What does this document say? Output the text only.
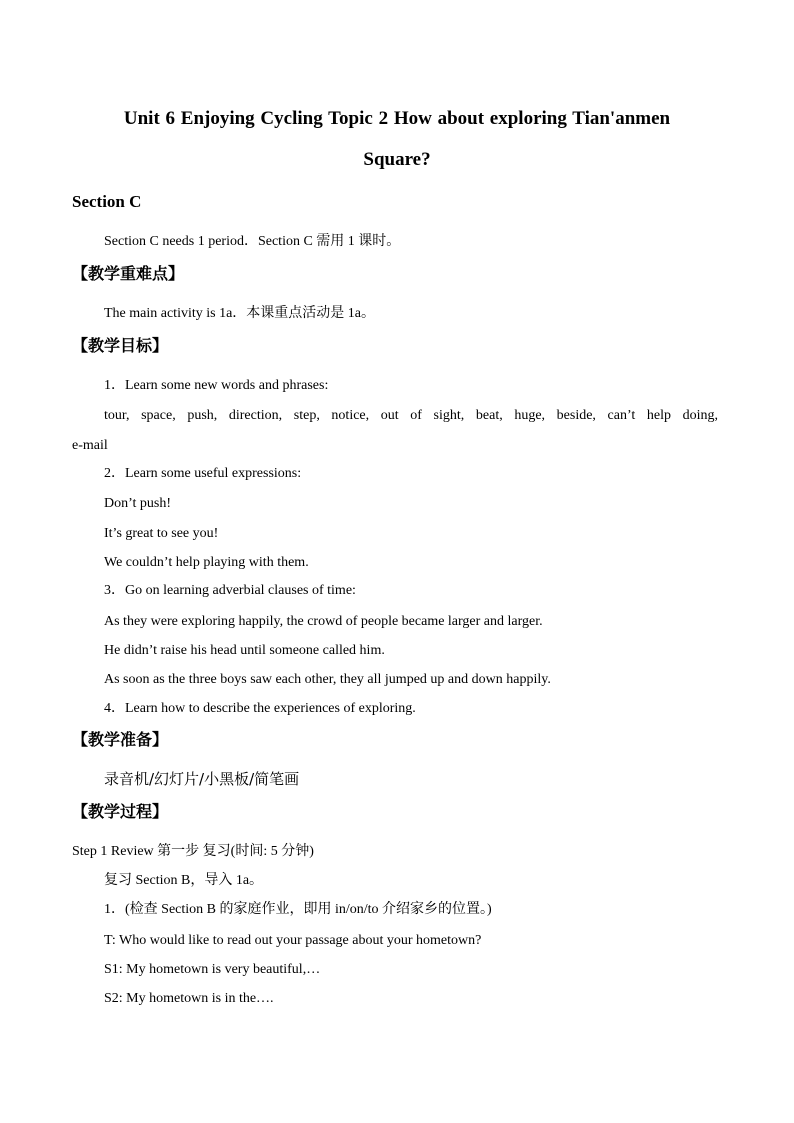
Unit 6 Enjoying Cycling Topic 2 How about exploring Tian'anmen
Square?
Section C
Section C needs 1 period．Section C 需用 1 课时。
【教学重难点】
The main activity is 1a．本课重点活动是 1a。
【教学目标】
1．Learn some new words and phrases:
tour, space, push, direction, step, notice, out of sight, beat, huge, beside, can’t help doing,
e-mail
2．Learn some useful expressions:
Don’t push!
It’s great to see you!
We couldn’t help playing with them.
3．Go on learning adverbial clauses of time:
As they were exploring happily, the crowd of people became larger and larger.
He didn’t raise his head until someone called him.
As soon as the three boys saw each other, they all jumped up and down happily.
4．Learn how to describe the experiences of exploring.
【教学准备】
录音机/幻灯片/小黑板/简笔画
【教学过程】
Step 1 Review 第一步 复习(时间: 5 分钟)
复习 Section B，导入 1a。
1．(检查 Section B 的家庭作业，即用 in/on/to 介绍家乡的位置。)
T: Who would like to read out your passage about your hometown?
S1: My hometown is very beautiful,…
S2: My hometown is in the….
